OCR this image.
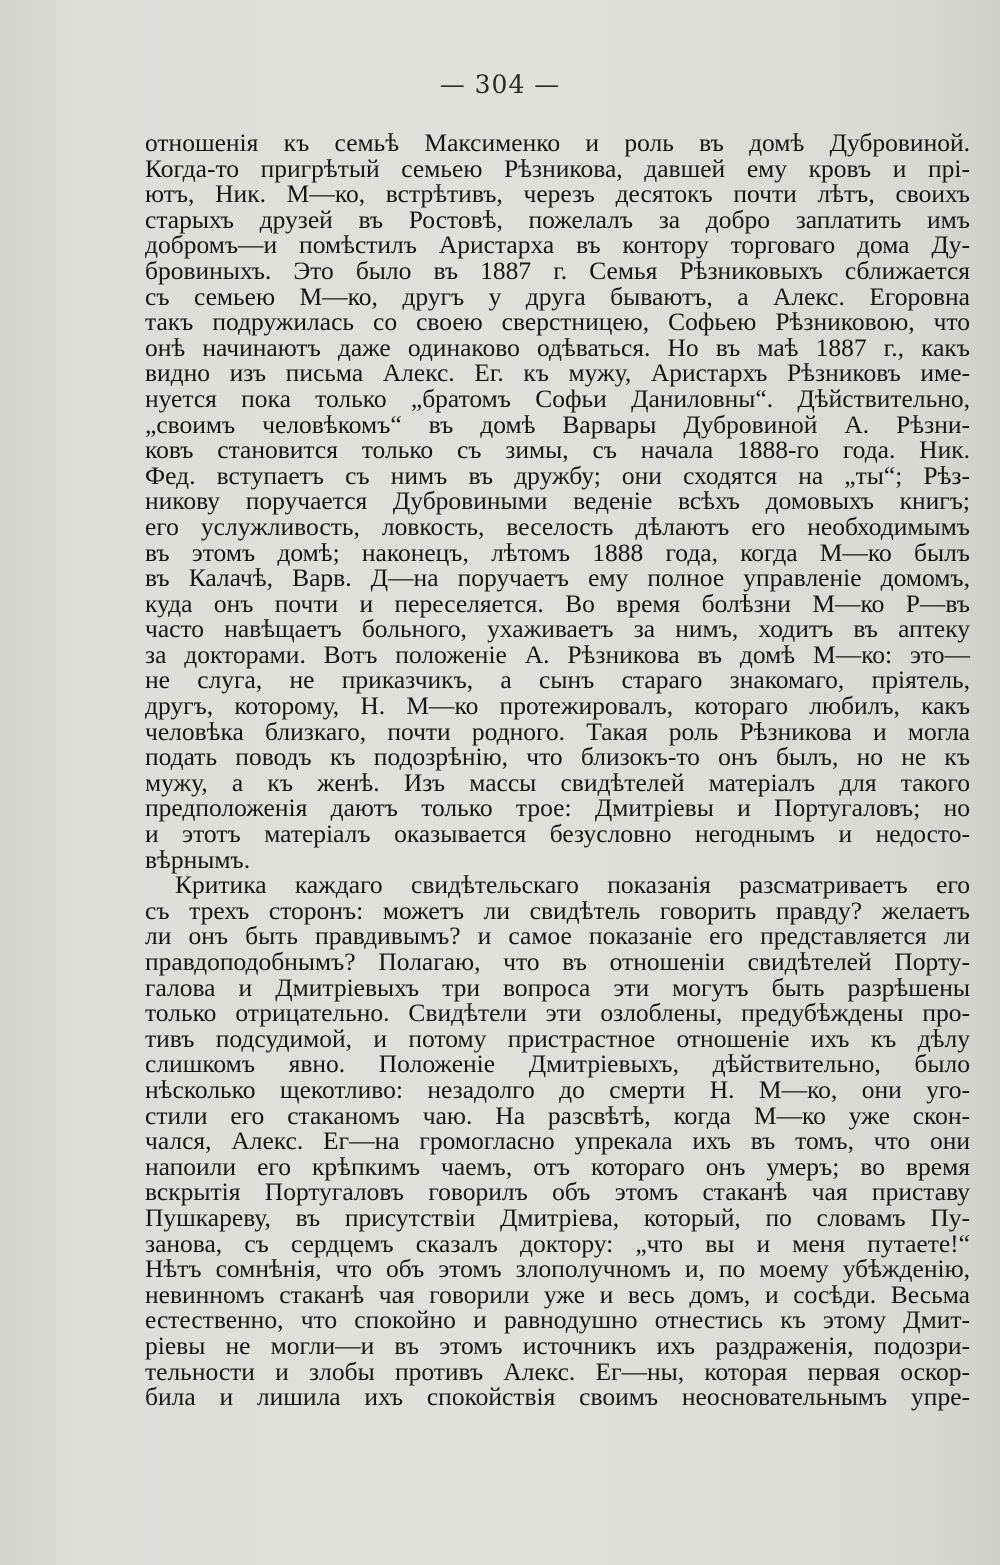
— 304 —
отношенія къ семьѣ Максименко и роль въ домѣ Дубровиной.
Когда-то пригрѣтый семьею Рѣзникова, давшей ему кровъ и прі-
ютъ, Ник. М—ко, встрѣтивъ, черезъ десятокъ почти лѣтъ, своихъ
старыхъ друзей въ Ростовѣ, пожелалъ за добро заплатить имъ
добромъ—и помѣстилъ Аристарха въ контору торговаго дома Ду-
бровиныхъ. Это было въ 1887 г. Семья Рѣзниковыхъ сближается
съ семьею М—ко, другъ у друга бываютъ, а Алекс. Егоровна
такъ подружилась со своею сверстницею, Софьею Рѣзниковою, что
онѣ начинаютъ даже одинаково одѣваться. Но въ маѣ 1887 г., какъ
видно изъ письма Алекс. Ег. къ мужу, Аристархъ Рѣзниковъ име-
нуется пока только „братомъ Софьи Даниловны“. Дѣйствительно,
„своимъ человѣкомъ“ въ домѣ Варвары Дубровиной А. Рѣзни-
ковъ становится только съ зимы, съ начала 1888-го года. Ник.
Фед. вступаетъ съ нимъ въ дружбу; они сходятся на „ты“; Рѣз-
никову поручается Дубровиными веденіе всѣхъ домовыхъ книгъ;
его услужливость, ловкость, веселость дѣлаютъ его необходимымъ
въ этомъ домѣ; наконецъ, лѣтомъ 1888 года, когда М—ко былъ
въ Калачѣ, Варв. Д—на поручаетъ ему полное управленіе домомъ,
куда онъ почти и переселяется. Во время болѣзни М—ко Р—въ
часто навѣщаетъ больного, ухаживаетъ за нимъ, ходитъ въ аптеку
за докторами. Вотъ положеніе А. Рѣзникова въ домѣ М—ко: это—
не слуга, не приказчикъ, а сынъ стараго знакомаго, пріятель,
другъ, которому, Н. М—ко протежировалъ, котораго любилъ, какъ
человѣка близкаго, почти родного. Такая роль Рѣзникова и могла
подать поводъ къ подозрѣнію, что близокъ-то онъ былъ, но не къ
мужу, а къ женѣ. Изъ массы свидѣтелей матеріалъ для такого
предположенія даютъ только трое: Дмитріевы и Португаловъ; но
и этотъ матеріалъ оказывается безусловно негоднымъ и недосто-
вѣрнымъ.
Критика каждаго свидѣтельскаго показанія разсматриваетъ его
съ трехъ сторонъ: можетъ ли свидѣтель говорить правду? желаетъ
ли онъ быть правдивымъ? и самое показаніе его представляется ли
правдоподобнымъ? Полагаю, что въ отношеніи свидѣтелей Порту-
галова и Дмитріевыхъ три вопроса эти могутъ быть разрѣшены
только отрицательно. Свидѣтели эти озлоблены, предубѣждены про-
тивъ подсудимой, и потому пристрастное отношеніе ихъ къ дѣлу
слишкомъ явно. Положеніе Дмитріевыхъ, дѣйствительно, было
нѣсколько щекотливо: незадолго до смерти Н. М—ко, они уго-
стили его стаканомъ чаю. На разсвѣтѣ, когда М—ко уже скон-
чался, Алекс. Ег—на громогласно упрекала ихъ въ томъ, что они
напоили его крѣпкимъ чаемъ, отъ котораго онъ умеръ; во время
вскрытія Португаловъ говорилъ объ этомъ стаканѣ чая приставу
Пушкареву, въ присутствіи Дмитріева, который, по словамъ Пу-
занова, съ сердцемъ сказалъ доктору: „что вы и меня путаете!“
Нѣтъ сомнѣнія, что объ этомъ злополучномъ и, по моему убѣжденію,
невинномъ стаканѣ чая говорили уже и весь домъ, и сосѣди. Весьма
естественно, что спокойно и равнодушно отнестись къ этому Дмит-
ріевы не могли—и въ этомъ источникъ ихъ раздраженія, подозри-
тельности и злобы противъ Алекс. Ег—ны, которая первая оскор-
била и лишила ихъ спокойствія своимъ неосновательнымъ упре-
